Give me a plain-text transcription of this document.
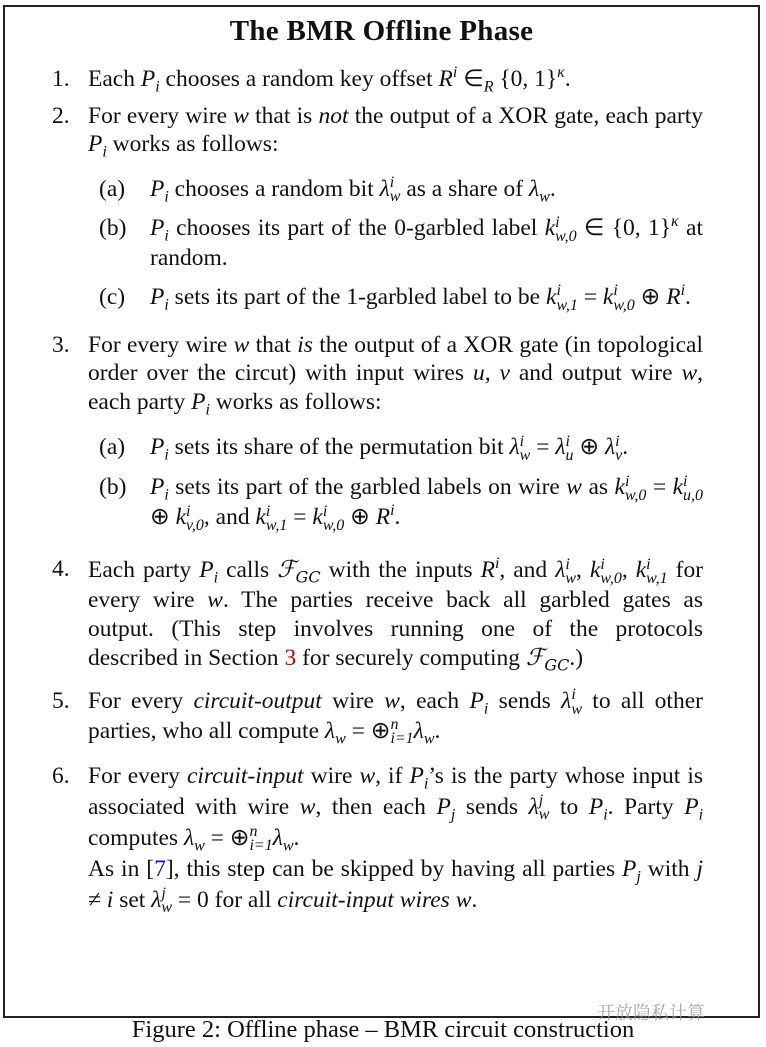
The BMR Offline Phase
1. Each $P_i$ chooses a random key offset $R^i$ $\in_R$ {0, 1}$^\kappa$.
2. For every wire w that is not the output of a XOR gate, each party $P_i$ works as follows:
(a) $P_i$ chooses a random bit λ i
w as a share of $\lambda_w$.
(b) $P_i$ chooses its part of the 0-garbled label k i
w,0 ∈ {0, 1}$^\kappa$ at random.
(c) $P_i$ sets its part of the 1-garbled label to be k i
w,1 = k i
w,0 ⊕ $R^i$.
3. For every wire w that is the output of a XOR gate (in topological order over the circut) with input wires u, v and output wire w, each party $P_i$ works as follows:
(a) $P_i$ sets its share of the permutation bit λ i
w = λ i
u ⊕ λ i
v .
(b) $P_i$ sets its part of the garbled labels on wire w as k i
w,0 = k i
u,0
⊕ k i
v,0 , and k i
w,1 = k i
w,0 ⊕ $R^i$.
4. Each party $P_i$ calls ℱ$_{GC}$ with the inputs $R^i$, and λ i
w , k i
w,0 , k i
w,1 for every wire w. The parties receive back all garbled gates as output. (This step involves running one of the protocols described in Section 3 for securely computing ℱ$_{GC}$.)
5. For every circuit-output wire w, each $P_i$ sends λ i
w to all other parties, who all compute $\lambda_w$ = ⊕ n
i=1 $\lambda_w$.
6. For every circuit-input wire w, if $P_i’s$ is the party whose input is associated with wire w, then each $P_j$ sends λ j
w to $P_i$. Party $P_i$ computes $\lambda_w$ = ⊕ n
i=1 $\lambda_w$.
As in [7], this step can be skipped by having all parties $P_j$ with j ≠ i set λ j
w = 0 for all circuit-input wires w.
Figure 2: Offline phase – BMR circuit construction
开放隐私计算
